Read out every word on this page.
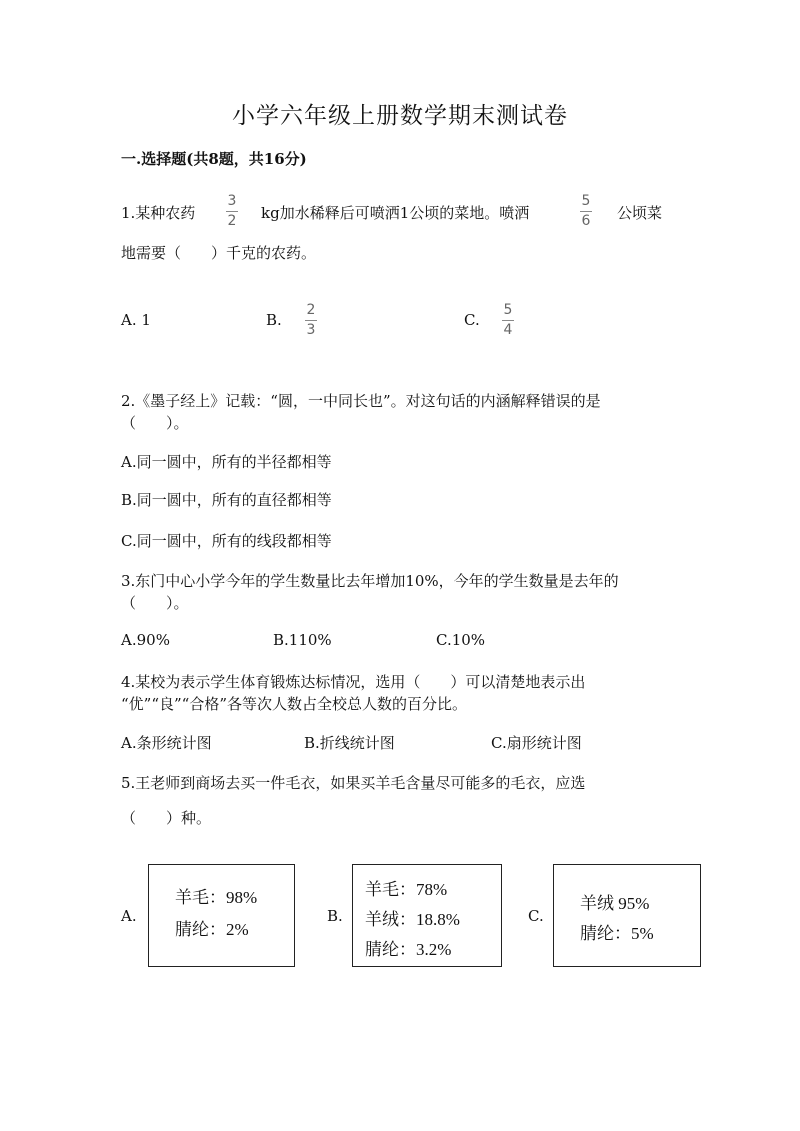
小学六年级上册数学期末测试卷
一.选择题(共8题，共16分)
1.某种农药
3
2 kg加水稀释后可喷洒1公顷的菜地。喷洒
5
6 公顷菜
地需要（　　）千克的农药。
A. 1	B.
2
3
C.
5
4
2.《墨子经上》记载：“圆，一中同长也”。对这句话的内涵解释错误的是
（　　）。
A.同一圆中，所有的半径都相等
B.同一圆中，所有的直径都相等
C.同一圆中，所有的线段都相等
3.东门中心小学今年的学生数量比去年增加10%，今年的学生数量是去年的
（　　）。
A.90%	B.110%	C.10%
4.某校为表示学生体育锻炼达标情况，选用（　　）可以清楚地表示出
“优”“良”“合格”各等次人数占全校总人数的百分比。
A.条形统计图	B.折线统计图	C.扇形统计图
5.王老师到商场去买一件毛衣，如果买羊毛含量尽可能多的毛衣，应选
（　　）种。
A.
羊毛：98%
腈纶：2%
B.
羊毛：78%
羊绒：18.8%
腈纶：3.2%
C.
羊绒 95%
腈纶：5%
